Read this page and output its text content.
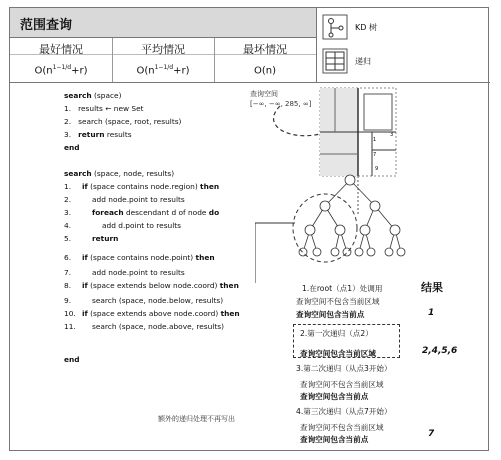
范围查询
最好情况	平均情况	最坏情况
$O(n^{1-1/d}+r)$	$O(n^{1-1/d}+r)$	O(n)
KD 树
递归
search (space)
1. results ← new Set
2. search (space, root, results)
3. return results
end
search (space, node, results)
1. if (space contains node.region) then
2.	add node.point to results
3.	foreach descendant d of node do
4.	add d.point to results
5.	return
6. if (space contains node.point) then
7.	add node.point to results
8. if (space extends below node.coord) then
9.	search (space, node.below, results)
10. if (space extends above node.coord) then
11. search (space, node.above, results)
end
额外的递归处理不再写出
查询空间
[−∞, −∞, 285, ∞]
1
3
7
9
结果
1.在root（点1）处调用
查询空间不包含当前区域
查询空间包含当前点	1
2.第一次递归（点2）
查询空间包含当前区域	2,4,5,6
3.第二次递归（从点3开始）
查询空间不包含当前区域
查询空间包含当前点
4.第三次递归（从点7开始）
查询空间不包含当前区域
查询空间包含当前点
7
